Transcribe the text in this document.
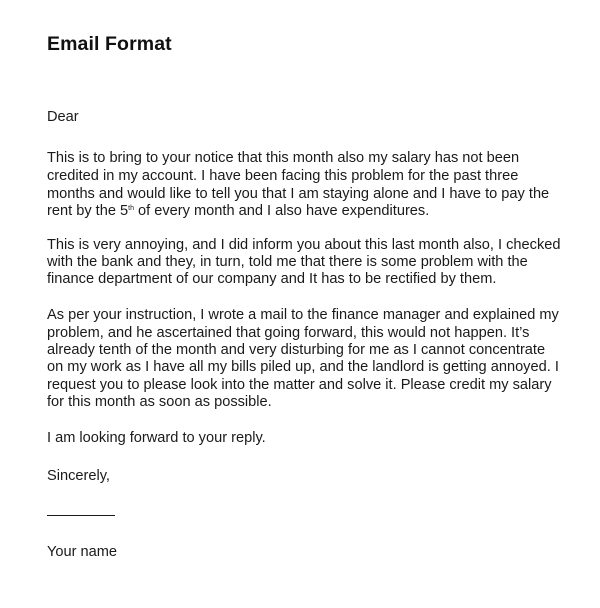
Email Format
Dear
This is to bring to your notice that this month also my salary has not been
credited in my account. I have been facing this problem for the past three
months and would like to tell you that I am staying alone and I have to pay the
rent by the 5th of every month and I also have expenditures.
This is very annoying, and I did inform you about this last month also, I checked
with the bank and they, in turn, told me that there is some problem with the
finance department of our company and It has to be rectified by them.
As per your instruction, I wrote a mail to the finance manager and explained my
problem, and he ascertained that going forward, this would not happen. It’s
already tenth of the month and very disturbing for me as I cannot concentrate
on my work as I have all my bills piled up, and the landlord is getting annoyed. I
request you to please look into the matter and solve it. Please credit my salary
for this month as soon as possible.
I am looking forward to your reply.
Sincerely,
Your name
